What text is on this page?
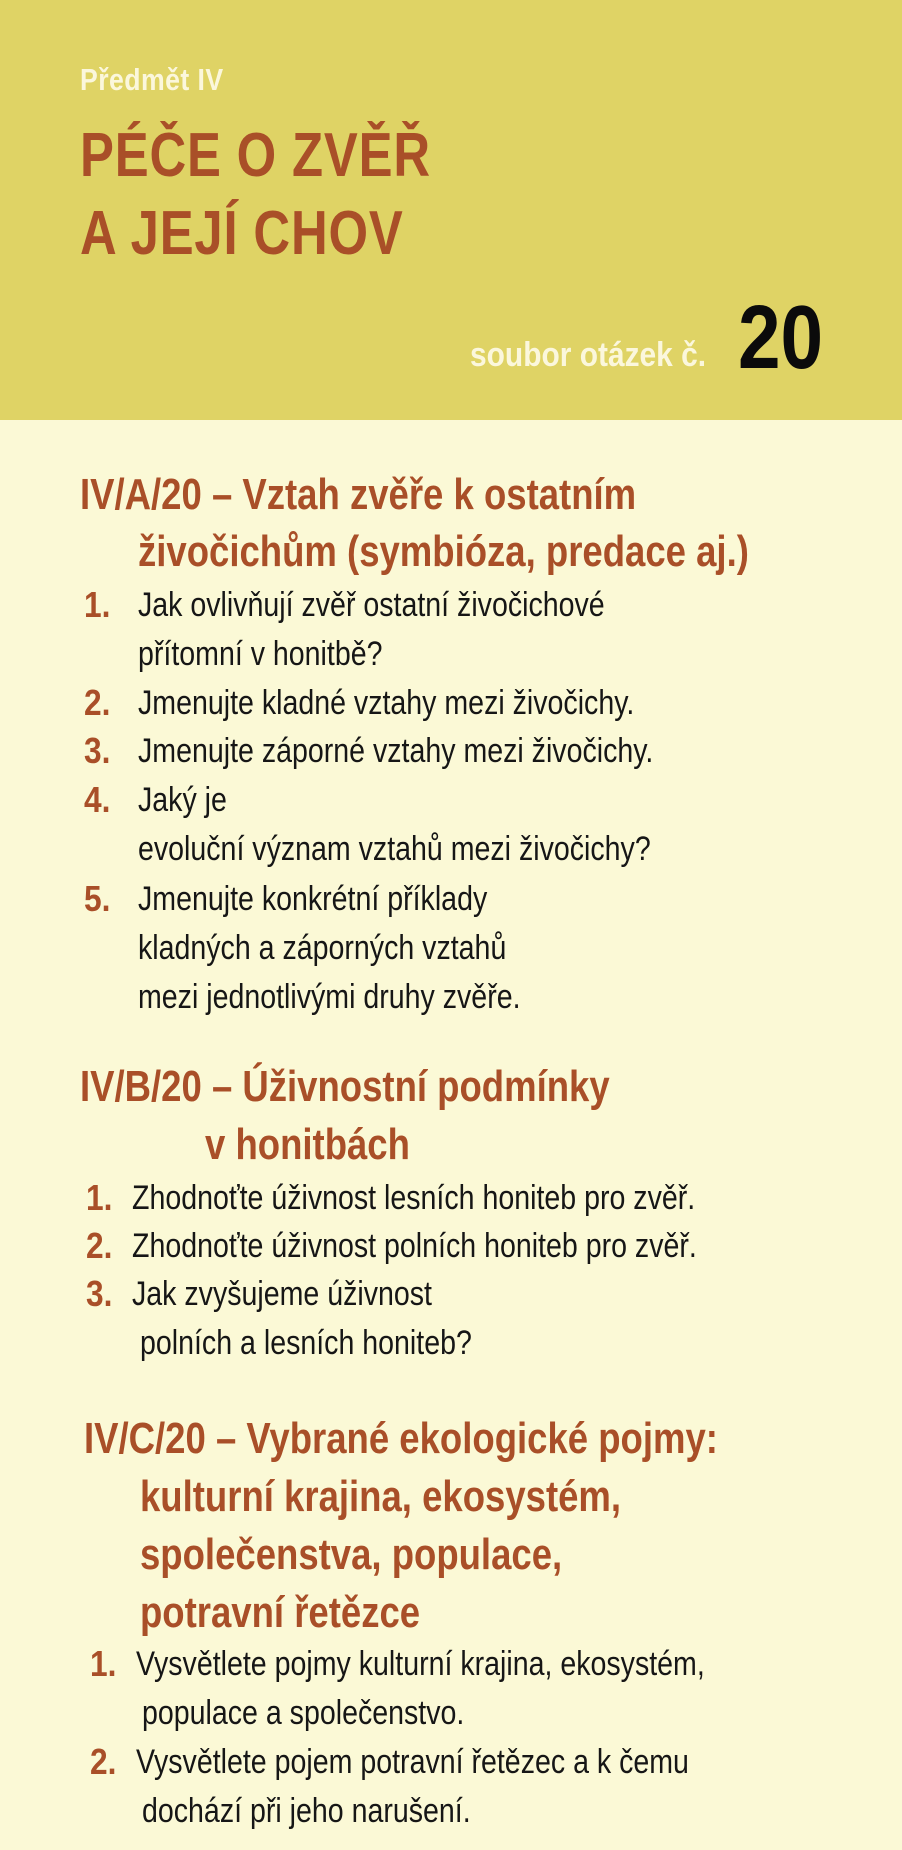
Předmět IV
PÉČE O ZVĚŘ
A JEJÍ CHOV
soubor otázek č. 20
IV/A/20 – Vztah zvěře k ostatním
živočichům (symbióza, predace aj.)
1. Jak ovlivňují zvěř ostatní živočichové
přítomní v honitbě?
2. Jmenujte kladné vztahy mezi živočichy.
3. Jmenujte záporné vztahy mezi živočichy.
4. Jaký je
evoluční význam vztahů mezi živočichy?
5. Jmenujte konkrétní příklady
kladných a záporných vztahů
mezi jednotlivými druhy zvěře.
IV/B/20 – Úživnostní podmínky
v honitbách
1. Zhodnoťte úživnost lesních honiteb pro zvěř.
2. Zhodnoťte úživnost polních honiteb pro zvěř.
3. Jak zvyšujeme úživnost
polních a lesních honiteb?
IV/C/20 – Vybrané ekologické pojmy:
kulturní krajina, ekosystém,
společenstva, populace,
potravní řetězce
1. Vysvětlete pojmy kulturní krajina, ekosystém,
populace a společenstvo.
2. Vysvětlete pojem potravní řetězec a k čemu
dochází při jeho narušení.
